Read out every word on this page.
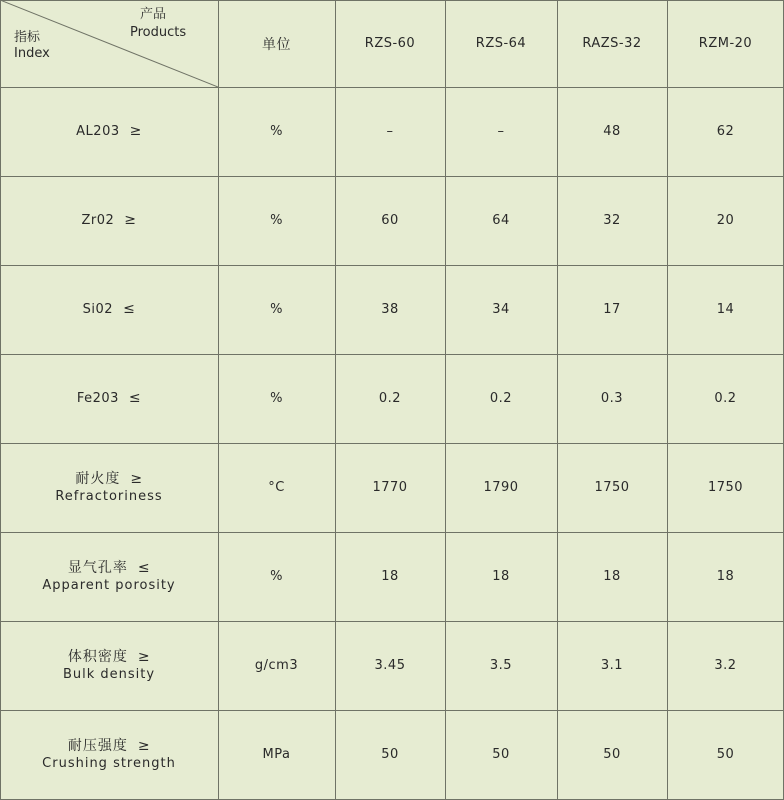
产品
Products
指标
Index
单位	RZS-60	RZS-64	RAZS-32	RZM-20
AL203 ≥	%	–	–	48	62
Zr02 ≥	%	60	64	32	20
Si02 ≤	%	38	34	17	14
Fe203 ≤	%	0.2	0.2	0.3	0.2
耐火度 ≥
Refractoriness
°C	1770	1790	1750	1750
显气孔率 ≤
Apparent porosity
%	18	18	18	18
体积密度 ≥
Bulk density
g/cm3	3.45	3.5	3.1	3.2
耐压强度 ≥
Crushing strength
MPa	50	50	50	50
